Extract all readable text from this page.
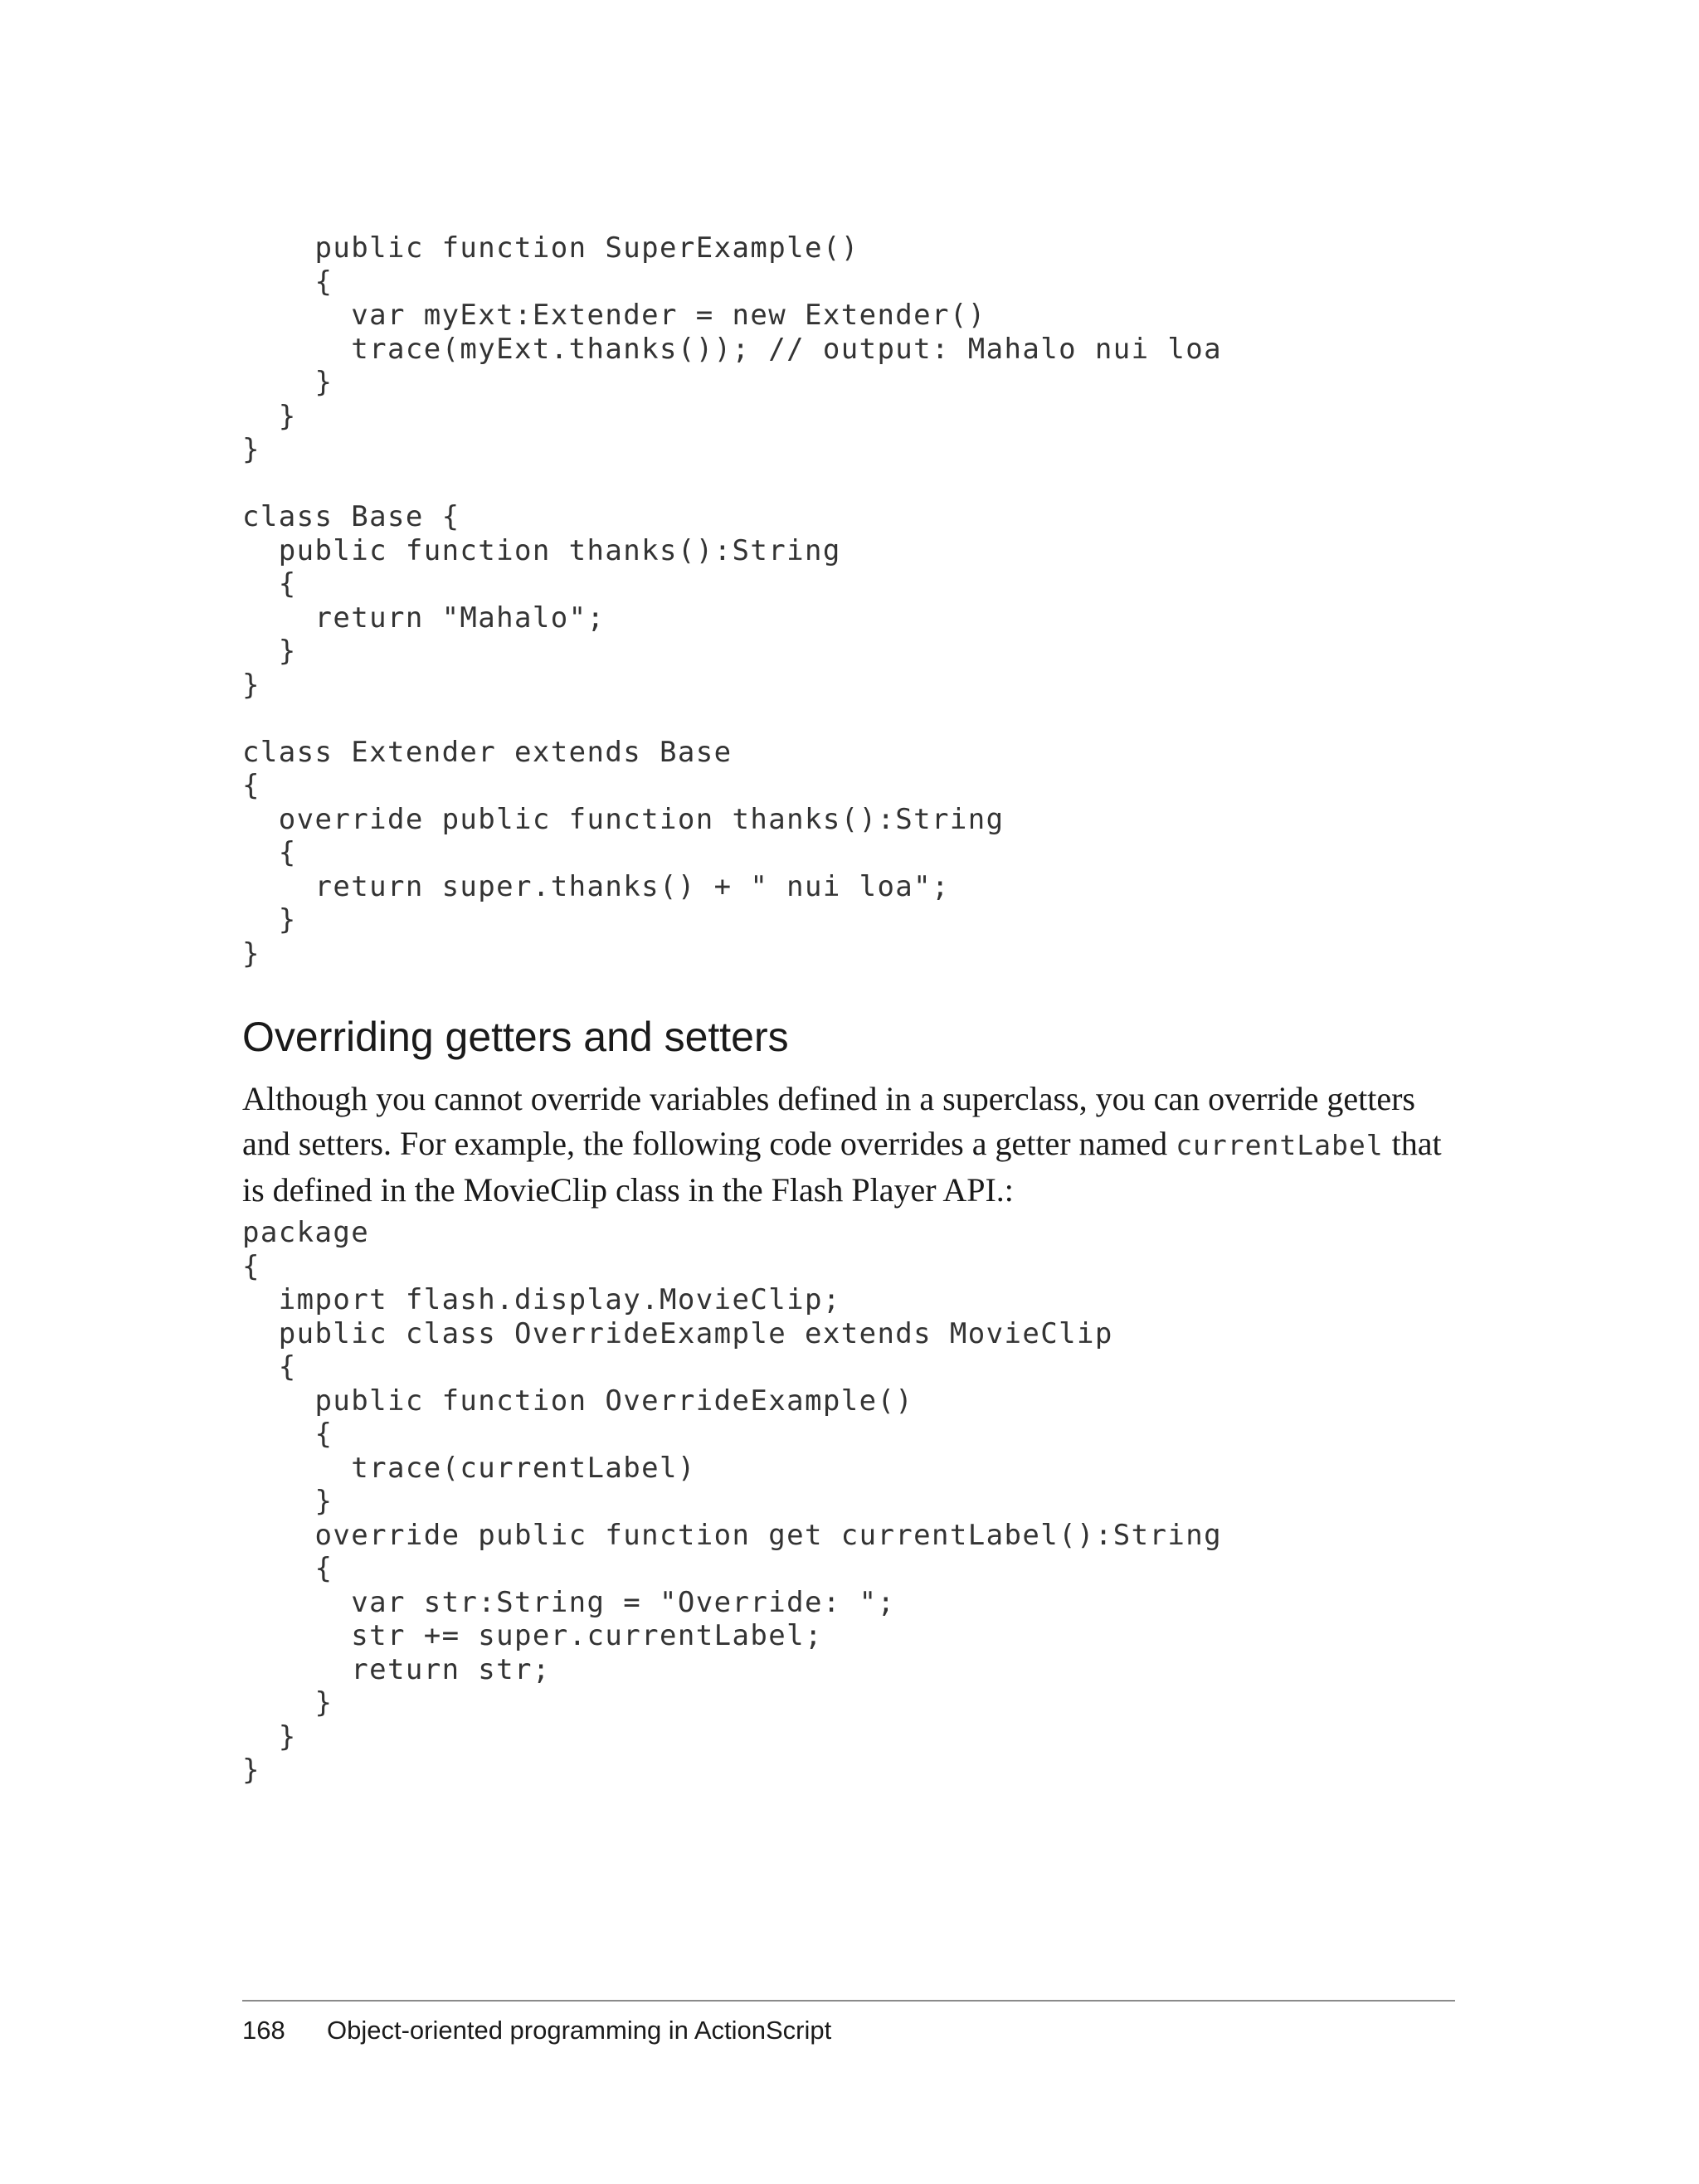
public function SuperExample()
{
var myExt:Extender = new Extender()
trace(myExt.thanks()); // output: Mahalo nui loa
}
}
}
class Base {
public function thanks():String
{
return "Mahalo";
}
}
class Extender extends Base
{
override public function thanks():String
{
return super.thanks() + " nui loa";
}
}
Overriding getters and setters

Although you cannot override variables defined in a superclass, you can override getters and setters. For example, the following code overrides a getter named currentLabel that is defined in the MovieClip class in the Flash Player API.:

package
{
import flash.display.MovieClip;
public class OverrideExample extends MovieClip
{
public function OverrideExample()
{
trace(currentLabel)
}
override public function get currentLabel():String
{
var str:String = "Override: ";
str += super.currentLabel;
return str;
}
}
}
168 Object-oriented programming in ActionScript
